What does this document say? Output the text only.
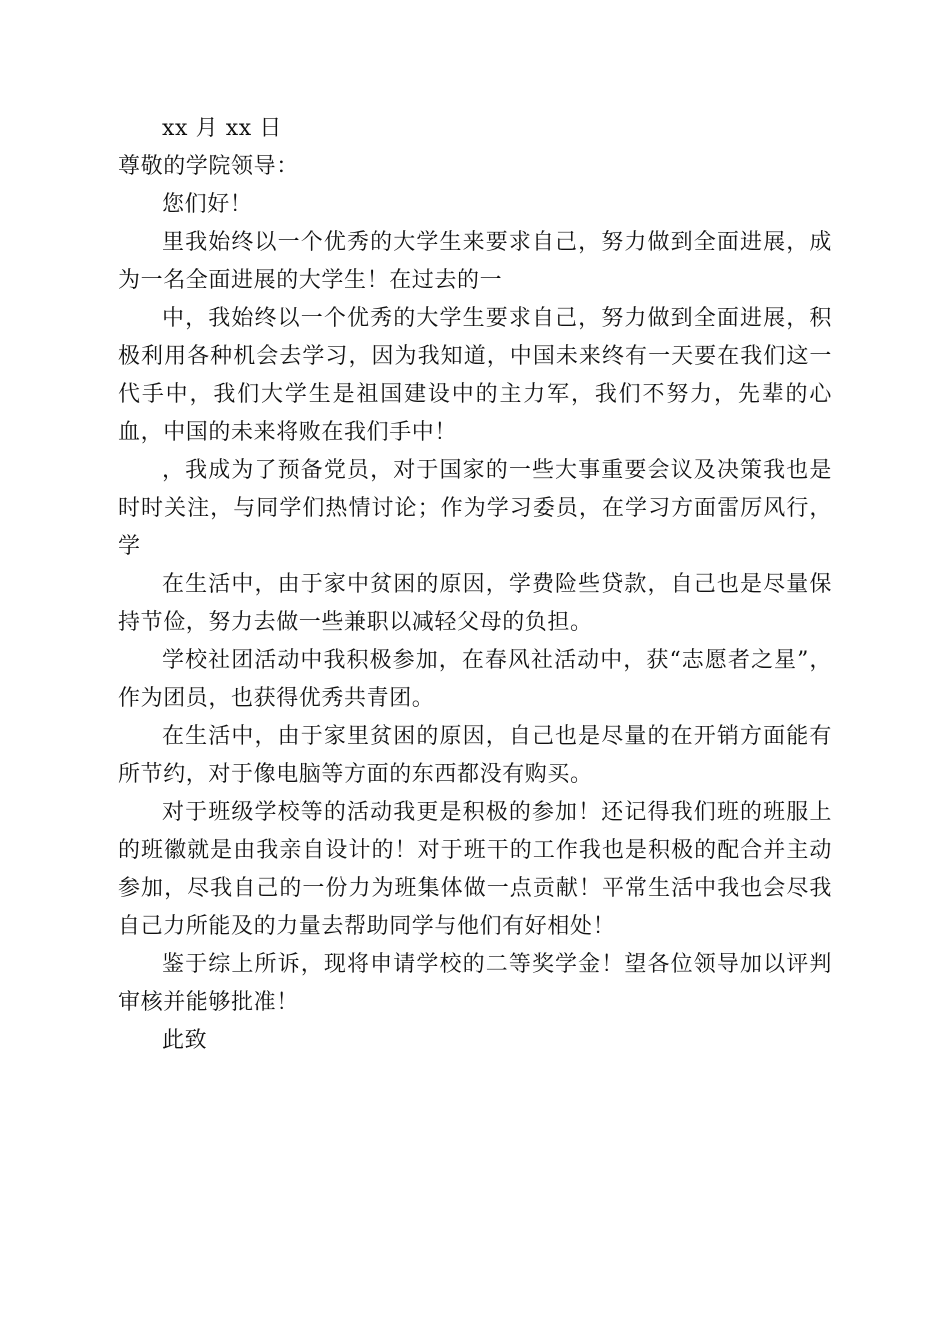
xx 月 xx 日

尊敬的学院领导：

您们好！

里我始终以一个优秀的大学生来要求自己，努力做到全面进展，成为一名全面进展的大学生！在过去的一

中，我始终以一个优秀的大学生要求自己，努力做到全面进展，积极利用各种机会去学习，因为我知道，中国未来终有一天要在我们这一代手中，我们大学生是祖国建设中的主力军，我们不努力，先辈的心血，中国的未来将败在我们手中！

，我成为了预备党员，对于国家的一些大事重要会议及决策我也是时时关注，与同学们热情讨论；作为学习委员，在学习方面雷厉风行，学

在生活中，由于家中贫困的原因，学费险些贷款，自己也是尽量保持节俭，努力去做一些兼职以减轻父母的负担。

学校社团活动中我积极参加，在春风社活动中，获“志愿者之星”，作为团员，也获得优秀共青团。

在生活中，由于家里贫困的原因，自己也是尽量的在开销方面能有所节约，对于像电脑等方面的东西都没有购买。

对于班级学校等的活动我更是积极的参加！还记得我们班的班服上的班徽就是由我亲自设计的！对于班干的工作我也是积极的配合并主动参加，尽我自己的一份力为班集体做一点贡献！平常生活中我也会尽我自己力所能及的力量去帮助同学与他们有好相处！

鉴于综上所诉，现将申请学校的二等奖学金！望各位领导加以评判审核并能够批准！

此致
